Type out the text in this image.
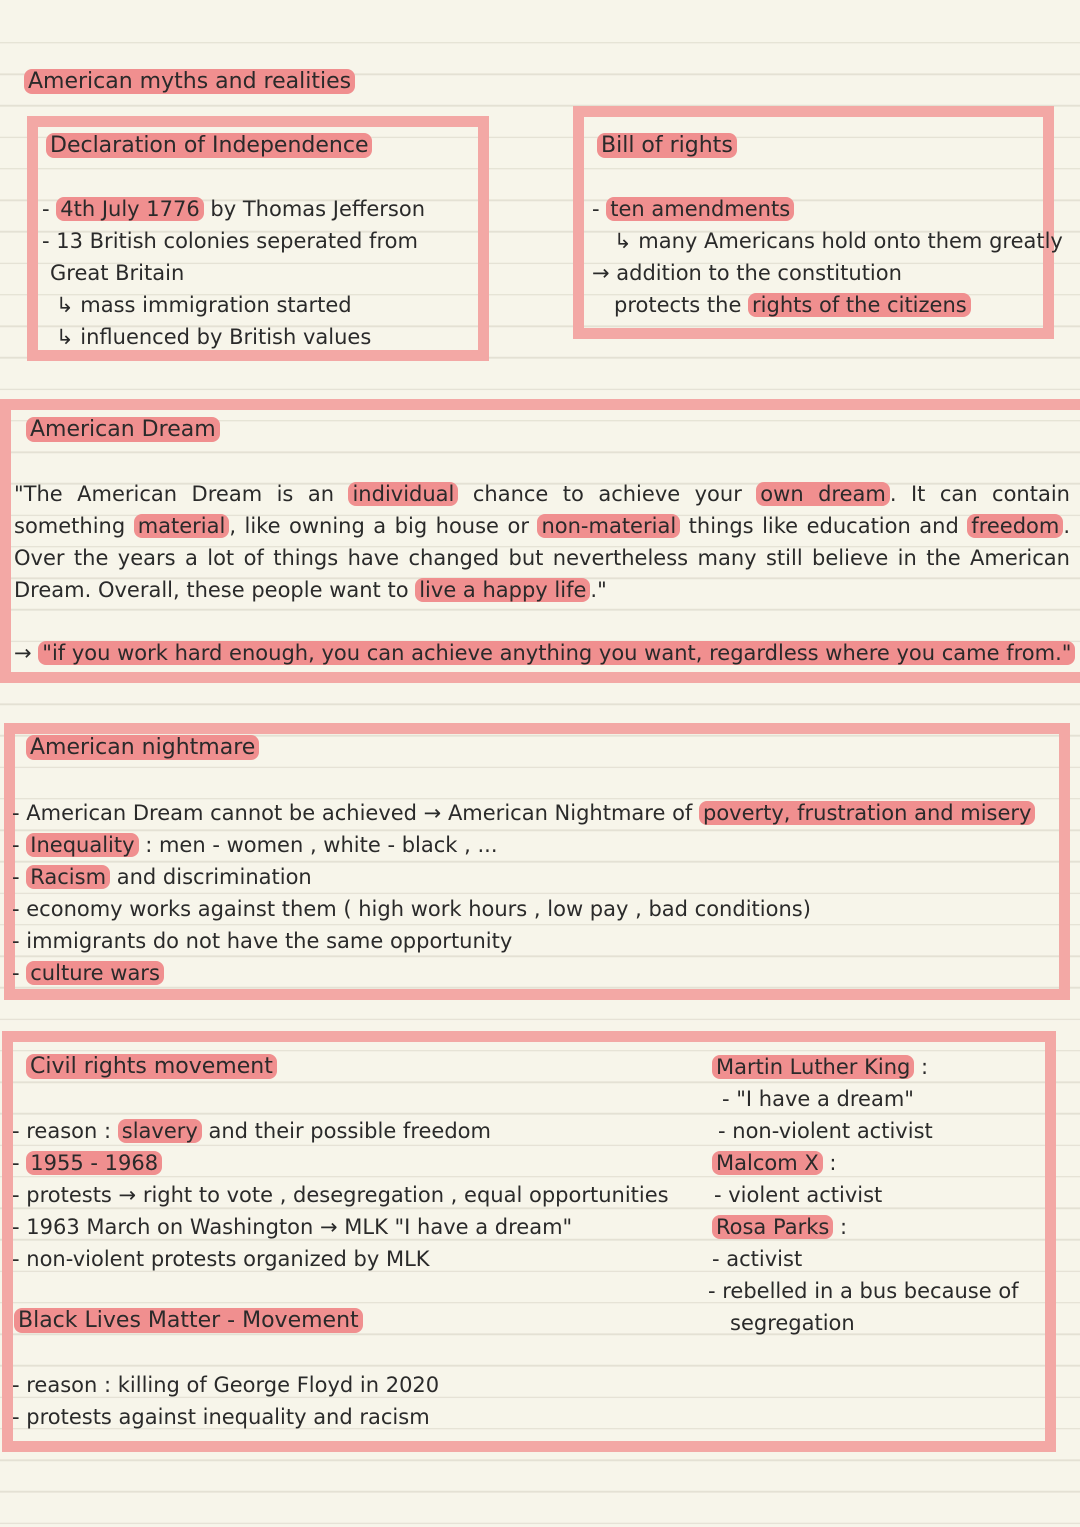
American myths and realities
Declaration of Independence
- 4th July 1776 by Thomas Jefferson
- 13 British colonies seperated from
Great Britain
↳ mass immigration started
↳ influenced by British values
Bill of rights
- ten amendments
↳ many Americans hold onto them greatly
→ addition to the constitution
protects the rights of the citizens
American Dream

"The American Dream is an individual chance to achieve your own dream . It can contain something material , like owning a big house or non-material things like education and freedom . Over the years a lot of things have changed but nevertheless many still believe in the American Dream. Overall, these people want to live a happy life ."

→ "if you work hard enough, you can achieve anything you want, regardless where you came from."
American nightmare
- American Dream cannot be achieved → American Nightmare of poverty, frustration and misery
- Inequality : men - women , white - black , ...
- Racism and discrimination
- economy works against them ( high work hours , low pay , bad conditions)
- immigrants do not have the same opportunity
- culture wars
Civil rights movement
- reason : slavery and their possible freedom
- 1955 - 1968
- protests → right to vote , desegregation , equal opportunities
- 1963 March on Washington → MLK "I have a dream"
- non-violent protests organized by MLK
Black Lives Matter - Movement
- reason : killing of George Floyd in 2020
- protests against inequality and racism
Martin Luther King :
- "I have a dream"
- non-violent activist
Malcom X :
- violent activist
Rosa Parks :
- activist
- rebelled in a bus because of
segregation
